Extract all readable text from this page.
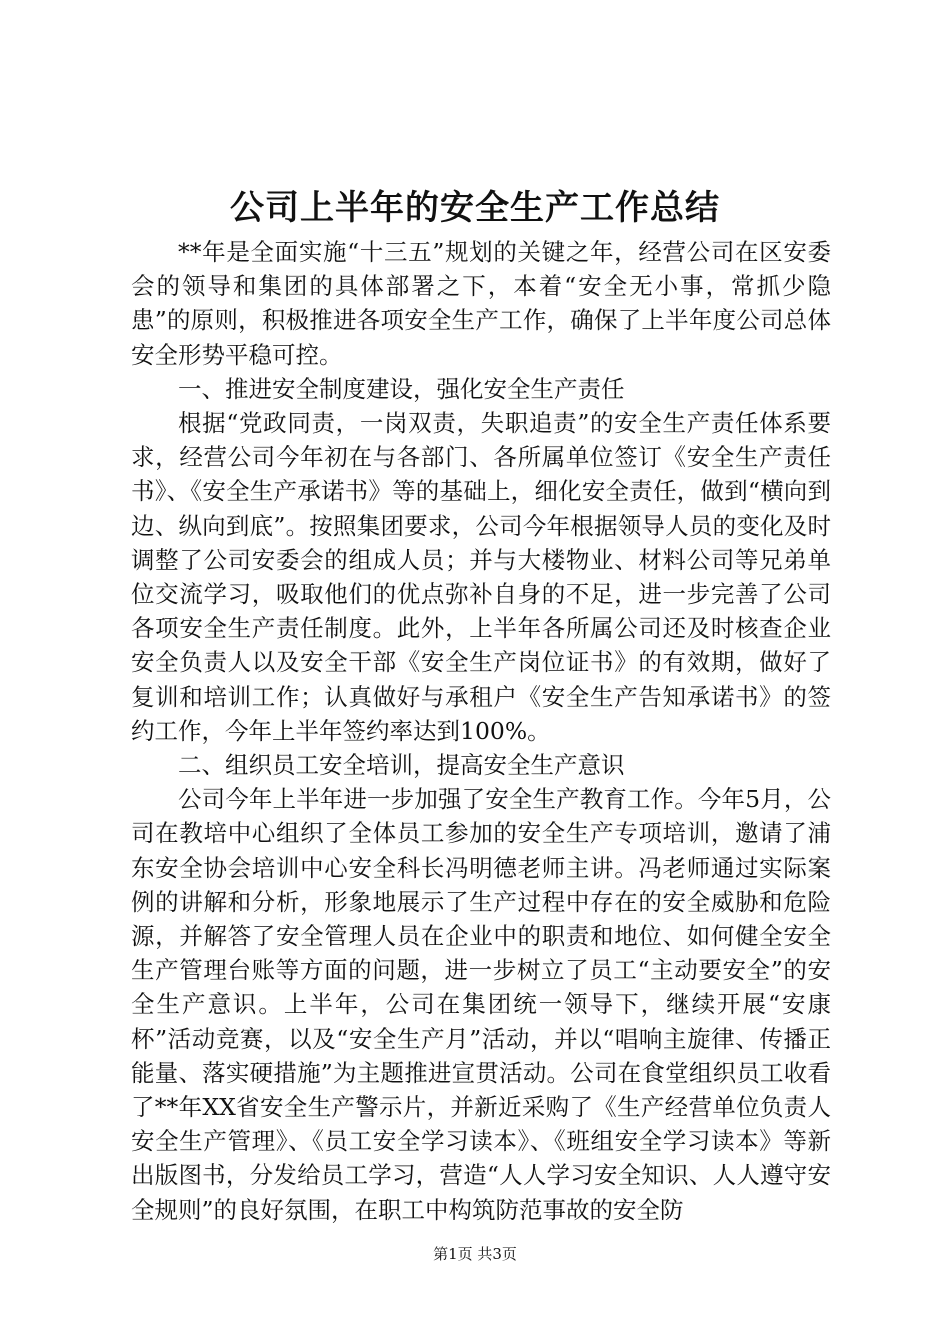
公司上半年的安全生产工作总结

**年是全面实施“十三五”规划的关键之年，经营公司在区安委会的领导和集团的具体部署之下，本着“安全无小事，常抓少隐患”的原则，积极推进各项安全生产工作，确保了上半年度公司总体安全形势平稳可控。

一、推进安全制度建设，强化安全生产责任

根据“党政同责，一岗双责，失职追责”的安全生产责任体系要求，经营公司今年初在与各部门、各所属单位签订《安全生产责任书》、《安全生产承诺书》等的基础上，细化安全责任，做到“横向到边、纵向到底”。按照集团要求，公司今年根据领导人员的变化及时调整了公司安委会的组成人员；并与大楼物业、材料公司等兄弟单位交流学习，吸取他们的优点弥补自身的不足，进一步完善了公司各项安全生产责任制度。此外，上半年各所属公司还及时核查企业安全负责人以及安全干部《安全生产岗位证书》的有效期，做好了复训和培训工作；认真做好与承租户《安全生产告知承诺书》的签约工作，今年上半年签约率达到100%。

二、组织员工安全培训，提高安全生产意识

公司今年上半年进一步加强了安全生产教育工作。今年5月，公司在教培中心组织了全体员工参加的安全生产专项培训，邀请了浦东安全协会培训中心安全科长冯明德老师主讲。冯老师通过实际案例的讲解和分析，形象地展示了生产过程中存在的安全威胁和危险源，并解答了安全管理人员在企业中的职责和地位、如何健全安全生产管理台账等方面的问题，进一步树立了员工“主动要安全”的安全生产意识。上半年，公司在集团统一领导下，继续开展“安康杯”活动竞赛，以及“安全生产月”活动，并以“唱响主旋律、传播正能量、落实硬措施”为主题推进宣贯活动。公司在食堂组织员工收看了**年XX省安全生产警示片，并新近采购了《生产经营单位负责人安全生产管理》、《员工安全学习读本》、《班组安全学习读本》等新出版图书，分发给员工学习，营造“人人学习安全知识、人人遵守安全规则”的良好氛围，在职工中构筑防范事故的安全防

第1页 共3页
